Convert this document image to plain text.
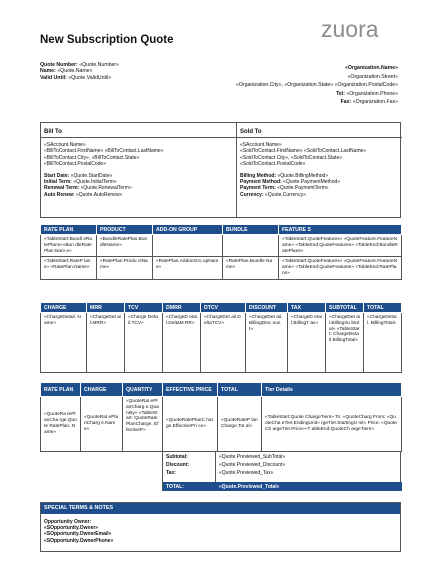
New Subscription Quote	zuora
Quote Number: «Quote.Number»
Name: «Quote.Name»
Valid Until: «Quote.ValidUntil»
«Organization.Name»
«Organization.Street»
«Organization.City», «Organization.State» «Organization.PostalCode»
Tel: «Organization.Phone»
Fax: «Organization.Fax»
Bill To
«SAccount.Name»
«BillToContact.FirstName» «BillToContact.LastName»
«BillToContact.City», «BillToContact.State»
«BillToContact.PostalCode»
Start Date: «Quote.StartDate»
Initial Term: «Quote.InitialTerm»
Renewal Term: «Quote.RenewalTerm»
Auto Renew: «Quote.AutoRenew»
Sold To
«SAccount.Name»
«SoldToContact.FirstName» «SoldToContact.LastName»
«SoldToContact.City», «SoldToContact.State»
«SoldToContact.PostalCode»
Billing Method: «Quote.BillingMethod»
Payment Method: «Quote.PaymentMethod»
Payment Term: «Quote.PaymentTerm»
Currency: «Quote.Currency»
RATE PLAN	PRODUCT	ADD-ON GROUP	BUNDLE	FEATURE S
«TableStart:Bundl eRatePlans»«Bun dleRatePlan.Nam e»	«BundleRatePlan.BundleName»			«TableStart:QuoteFeatures» «QuoteFeature.FeatureName» «TableEnd:QuoteFeatures» «TableEnd:BundleRatePlans»
«TableStart:RateP lans» «RatePlan.Name»	«RatePlan.Produ ctName»	«RatePlan.AddonGro upName»	«RatePlan.Bundle Name»	«TableStart:QuoteFeatures» «QuoteFeature.FeatureName» «TableEnd:QuoteFeatures» «TableEnd:RatePlans»
CHARGE	MRR	TCV	DMRR	DTCV	DISCOUNT	TAX	SUBTOTAL	TOTAL
«ChargeDetail. Name»	«ChargeDet ail.MRR»	«Charge Deta il.TCV»	«ChargeD etail.DeltaM RR»	«ChargeDet ail.DeltaTCV»	«ChargeDet ail.BillingDisc ount»	«ChargeD etail.BillingT ax»	«ChargeDet ail.BillingSu btotal» «TableStart: ChargeDeta il BillingTotal»	«ChargeDetail. BillingTotal»
RATE PLAN	CHARGE	QUANTITY	EFFECTIVE PRICE	TOTAL	Tier Details
«QuoteRa tePlanCha rge.Quote RatePlan. Name»	«QuoteRat ePlanCharg e.Name»	«QuoteRat ePlanCharg e.Quantity» «TableStart: QuoteRate PlanCharge. EffectiveP»	«QuoteRatePlanC harge.EffectivePri ce»	«QuoteRateP lanCharge.Tot al»	«TableStart:Quote ChargeTiers» To: «QuoteCharg From: «QuoteCha eTier.EndingUnit» rgeTier.StartingU nit» Price: «QuoteCh argeTier.Price»«T ableEnd:QuoteCh argeTiers»
Subtotal:	«Quote.Previewed_SubTotal»
Discount:	«Quote.Previewed_Discount»
Tax:	«Quote.Previewed_Tax»
TOTAL:	«Quote.Previewed_Total»
SPECIAL TERMS & NOTES
Opportunity Owner:
«SOpportunity.Owner»
«SOpportunity.OwnerEmail»
«SOpportunity.OwnerPhone»
